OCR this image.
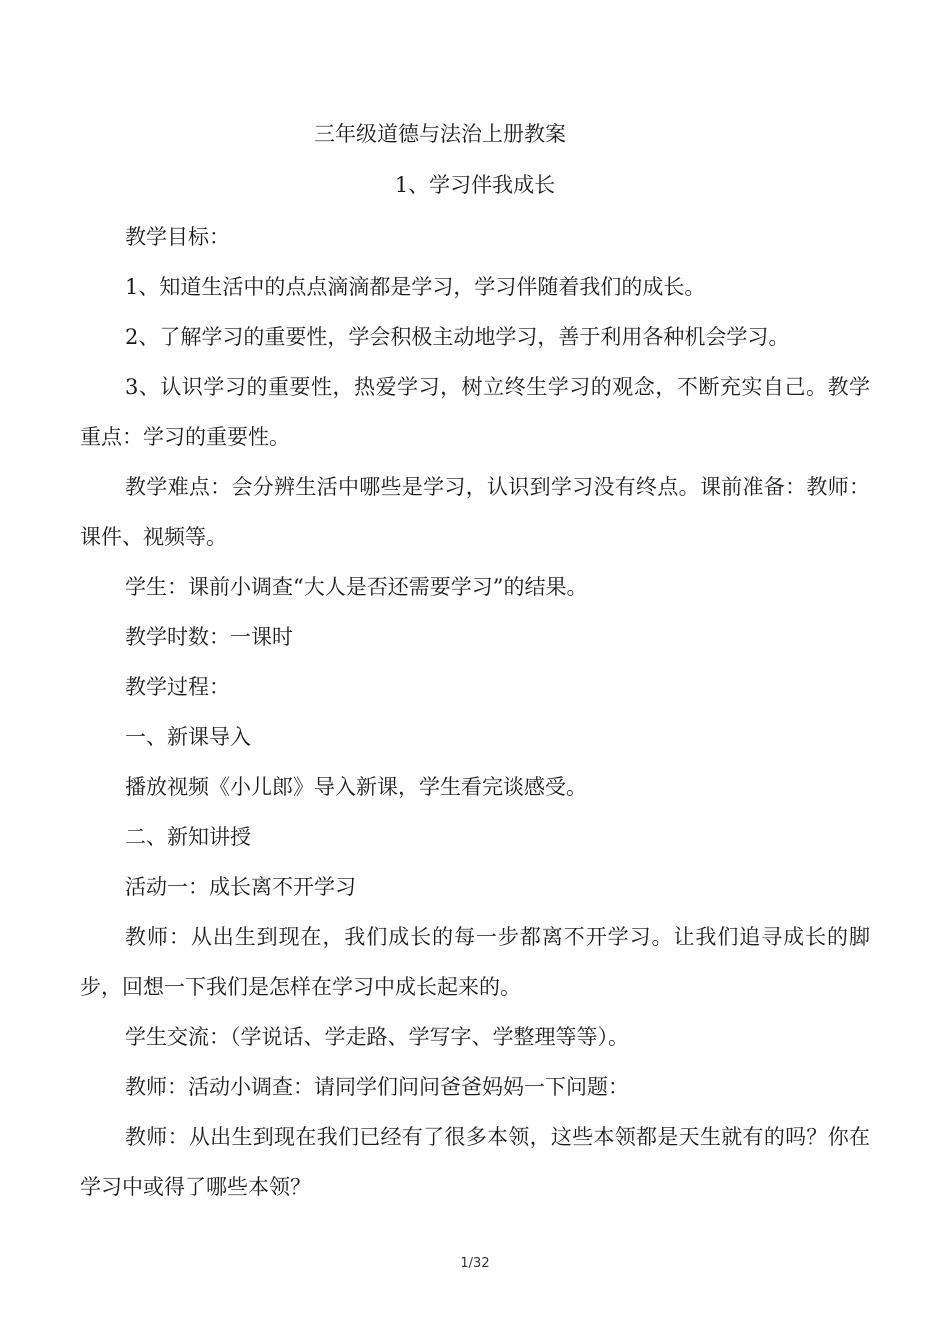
三年级道德与法治上册教案
1、学习伴我成长

教学目标：

1、知道生活中的点点滴滴都是学习，学习伴随着我们的成长。

2、了解学习的重要性，学会积极主动地学习，善于利用各种机会学习。

3、认识学习的重要性，热爱学习，树立终生学习的观念，不断充实自己。教学重点：学习的重要性。

教学难点：会分辨生活中哪些是学习，认识到学习没有终点。课前准备：教师：课件、视频等。

学生：课前小调查“大人是否还需要学习”的结果。

教学时数：一课时

教学过程：

一、新课导入

播放视频《小儿郎》导入新课，学生看完谈感受。

二、新知讲授

活动一：成长离不开学习

教师：从出生到现在，我们成长的每一步都离不开学习。让我们追寻成长的脚步，回想一下我们是怎样在学习中成长起来的。

学生交流：（学说话、学走路、学写字、学整理等等）。

教师：活动小调查：请同学们问问爸爸妈妈一下问题：

教师：从出生到现在我们已经有了很多本领，这些本领都是天生就有的吗？你在学习中或得了哪些本领？

1/32
